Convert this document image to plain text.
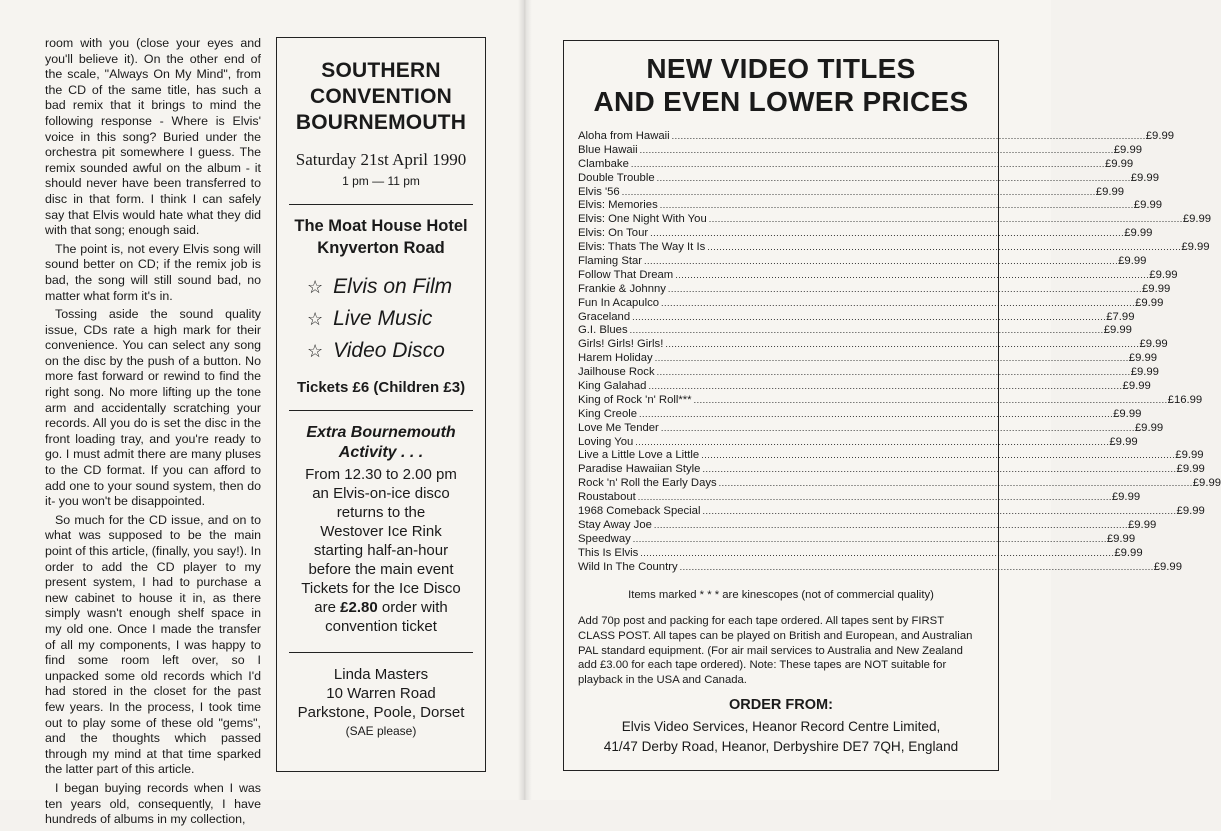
room with you (close your eyes and you'll believe it). On the other end of the scale, "Always On My Mind", from the CD of the same title, has such a bad remix that it brings to mind the following response - Where is Elvis' voice in this song? Buried under the orchestra pit somewhere I guess. The remix sounded awful on the album - it should never have been transferred to disc in that form. I think I can safely say that Elvis would hate what they did with that song; enough said.

The point is, not every Elvis song will sound better on CD; if the remix job is bad, the song will still sound bad, no matter what form it's in.

Tossing aside the sound quality issue, CDs rate a high mark for their convenience. You can select any song on the disc by the push of a button. No more fast forward or rewind to find the right song. No more lifting up the tone arm and accidentally scratching your records. All you do is set the disc in the front loading tray, and you're ready to go. I must admit there are many pluses to the CD format. If you can afford to add one to your sound system, then do it- you won't be disappointed.

So much for the CD issue, and on to what was supposed to be the main point of this article, (finally, you say!). In order to add the CD player to my present system, I had to purchase a new cabinet to house it in, as there simply wasn't enough shelf space in my old one. Once I made the transfer of all my components, I was happy to find some room left over, so I unpacked some old records which I'd had stored in the closet for the past few years. In the process, I took time out to play some of these old "gems", and the thoughts which passed through my mind at that time sparked the latter part of this article.

I began buying records when I was ten years old, consequently, I have hundreds of albums in my collection,

SOUTHERN
CONVENTION
BOURNEMOUTH
Saturday 21st April 1990
1 pm — 11 pm
The Moat House Hotel
Knyverton Road
☆ Elvis on Film
☆ Live Music
☆ Video Disco
Tickets £6 (Children £3)
Extra Bournemouth
Activity . . .
From 12.30 to 2.00 pm
an Elvis-on-ice disco
returns to the
Westover Ice Rink
starting half-an-hour
before the main event
Tickets for the Ice Disco
are £2.80 order with
convention ticket
Linda Masters
10 Warren Road
Parkstone, Poole, Dorset
(SAE please)
NEW VIDEO TITLES
AND EVEN LOWER PRICES
Aloha from Hawaii .............................................................................................................................................................. £9.99
Blue Hawaii .............................................................................................................................................................. £9.99
Clambake .............................................................................................................................................................. £9.99
Double Trouble .............................................................................................................................................................. £9.99
Elvis '56 .............................................................................................................................................................. £9.99
Elvis: Memories .............................................................................................................................................................. £9.99
Elvis: One Night With You .............................................................................................................................................................. £9.99
Elvis: On Tour .............................................................................................................................................................. £9.99
Elvis: Thats The Way It Is .............................................................................................................................................................. £9.99
Flaming Star .............................................................................................................................................................. £9.99
Follow That Dream .............................................................................................................................................................. £9.99
Frankie & Johnny .............................................................................................................................................................. £9.99
Fun In Acapulco .............................................................................................................................................................. £9.99
Graceland .............................................................................................................................................................. £7.99
G.I. Blues .............................................................................................................................................................. £9.99
Girls! Girls! Girls! .............................................................................................................................................................. £9.99
Harem Holiday .............................................................................................................................................................. £9.99
Jailhouse Rock .............................................................................................................................................................. £9.99
King Galahad .............................................................................................................................................................. £9.99
King of Rock 'n' Roll*** .............................................................................................................................................................. £16.99
King Creole .............................................................................................................................................................. £9.99
Love Me Tender .............................................................................................................................................................. £9.99
Loving You .............................................................................................................................................................. £9.99
Live a Little Love a Little .............................................................................................................................................................. £9.99
Paradise Hawaiian Style .............................................................................................................................................................. £9.99
Rock 'n' Roll the Early Days .............................................................................................................................................................. £9.99
Roustabout .............................................................................................................................................................. £9.99
1968 Comeback Special .............................................................................................................................................................. £9.99
Stay Away Joe .............................................................................................................................................................. £9.99
Speedway .............................................................................................................................................................. £9.99
This Is Elvis .............................................................................................................................................................. £9.99
Wild In The Country .............................................................................................................................................................. £9.99
Items marked * * * are kinescopes (not of commercial quality)
Add 70p post and packing for each tape ordered. All tapes sent by FIRST CLASS POST. All tapes can be played on British and European, and Australian PAL standard equipment. (For air mail services to Australia and New Zealand add £3.00 for each tape ordered). Note: These tapes are NOT suitable for playback in the USA and Canada.
ORDER FROM:
Elvis Video Services, Heanor Record Centre Limited,
41/47 Derby Road, Heanor, Derbyshire DE7 7QH, England
